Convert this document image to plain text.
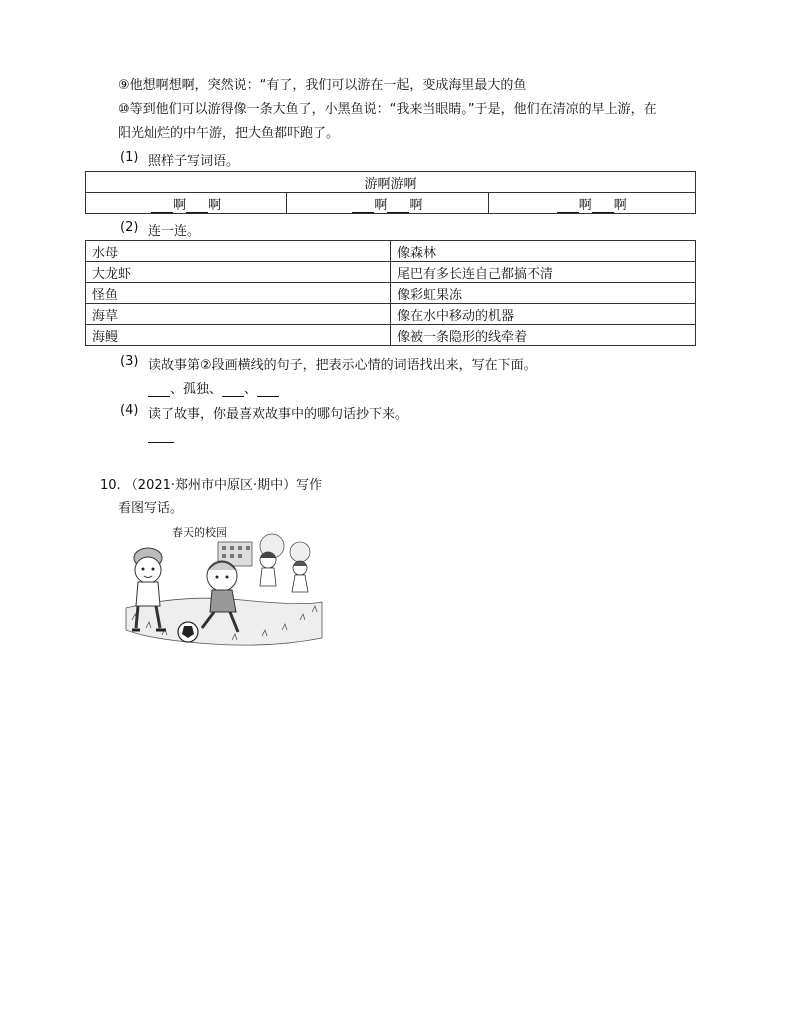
⑨他想啊想啊，突然说：“有了，我们可以游在一起，变成海里最大的鱼
⑩等到他们可以游得像一条大鱼了，小黑鱼说：“我来当眼睛。”于是，他们在清凉的早上游，在
阳光灿烂的中午游，把大鱼都吓跑了。
(1) 照样子写词语。
游啊游啊
啊 啊	啊 啊	啊 啊
(2) 连一连。
水母	像森林
大龙虾	尾巴有多长连自己都搞不清
怪鱼	像彩虹果冻
海草	像在水中移动的机器
海鳗	像被一条隐形的线牵着
(3) 读故事第②段画横线的句子，把表示心情的词语找出来，写在下面。
、孤独、 、
(4) 读了故事，你最喜欢故事中的哪句话抄下来。
10. （2021·郑州市中原区·期中）写作
看图写话。
春天的校园
